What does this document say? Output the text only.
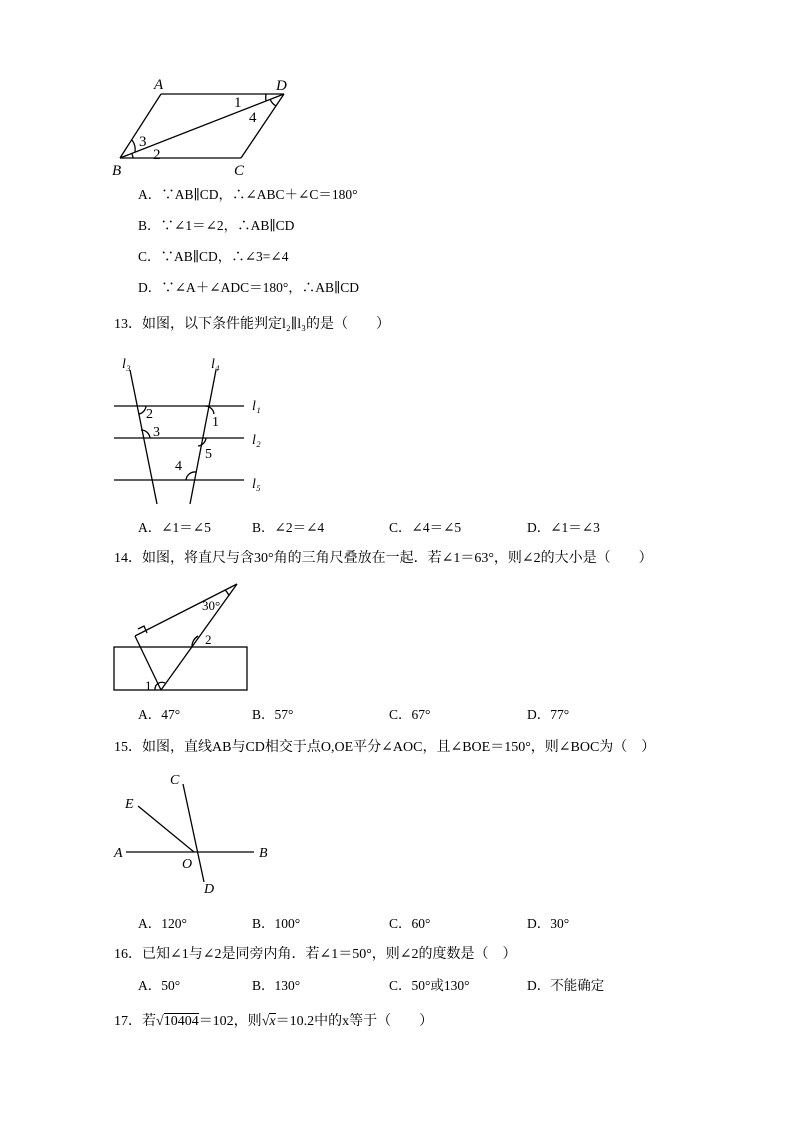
A	D
B	C
1
4
3
2
A．∵AB∥CD，∴∠ABC＋∠C＝180°
B．∵∠1＝∠2，∴AB∥CD
C．∵AB∥CD，∴∠3=∠4
D．∵∠A＋∠ADC＝180°，∴AB∥CD
13．如图，以下条件能判定l₂∥l₃的是（　　）
l₃	l₄
l₁
l₂
l₅
2
1
3
5
4
A．∠1＝∠5	B．∠2＝∠4	C．∠4＝∠5	D．∠1＝∠3
14．如图，将直尺与含30°角的三角尺叠放在一起．若∠1＝63°，则∠2的大小是（　　）
30°
2
1
A．47°	B．57°	C．67°	D．77°
15．如图，直线AB与CD相交于点O,OE平分∠AOC，且∠BOE＝150°，则∠BOC为（　）
C
E
A	B
O
D
A．120°	B．100°	C．60°	D．30°
16．已知∠1与∠2是同旁内角．若∠1＝50°，则∠2的度数是（　）
A．50°	B．130°	C．50°或130°	D．不能确定
17．若√10404＝102，则√x＝10.2中的x等于（　　）
